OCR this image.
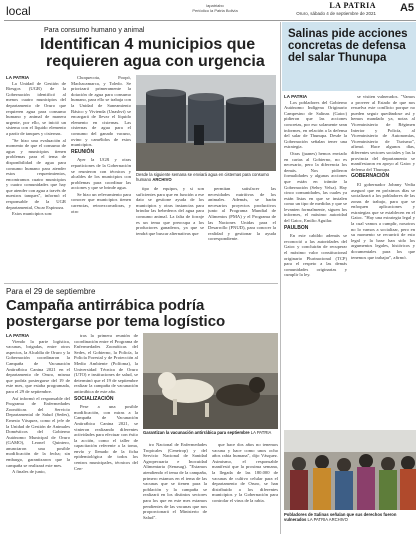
local	lapatriabo
Periódico la Patria Bolivia
LA PATRIA
Oruro, sábado 4 de septiembre de 2021 A5
Para consumo humano y animal
Identifican 4 municipios que
requieren agua con urgencia
LA PATRIA

La Unidad de Gestión de Riesgos (UGR) de la Gobernación identificó al menos cuatro municipios del departamento de Oruro que requieren agua para consumo humano y animal de manera urgente, por ello, se inició un sistema con el líquido elemento a partir de tanques y cisternas.

"Se hizo una evaluación al momento de que el consumo de agua y municipios tienen problemas para el tema de disponibilidad de agua para consumo humano para atender estos requerimientos, encontramos cuatro municipios y cuatro comunidades que hay que atender con agua a través de nuestros tanques", informó el responsable de la UGR departamental, Oscar Espinoza.

Estos municipios son:

Choquecota, Poopó, Machacamarca, y Toledo. Se priorizará primeramente la dotación de agua para consumo humano, para ello se trabaja con la Unidad de Saneamiento Básico y Vivienda (Unasbvi) se encargará de llevar el líquido elemento en cisternas. Las cisternas de agua para el consumo del ganado vacuno, ovino y camélidos de estos municipios.

REUNIÓN

Ayer la UGR y otras reparticiones de la Gobernación se reunieron con técnicos y alcaldes de los municipios con problemas para coordinar las acciones y que se brinde agua.

Se hizo un relevamiento para conocer que municipios tienen carencias, retroexcavadoras, y otro

Desde la siguiente semana se enviará agua en cisternas para consumo humano ARCHIVO

tipo de equipos, y si son suficientes para que en función a ese dato se gestione ayuda de los municipios y otras instancias para brindar las bebederos del agua para consumo animal. La falta de forraje es un tema que preocupa a los productores ganaderos, ya que se tendrá que buscar alternativas que

permitan satisfacer las necesidades nutritivas de los animales. Además, se harán necesarios proyectos productivos junto al Programa Mundial de Alimentos (PMA) y el Programa de las Naciones Unidas para el Desarrollo (PNUD), para conocer la realidad y gestionar la ayuda correspondiente.

Salinas pide acciones
concretas de defensa
del salar Thunupa
LA PATRIA

Los pobladores del Gobierno Autónomo Indígena Originario Campesino de Salinas (Gaioc) pidieron que las acciones concretas, por eso solamente sean informes, en relación a la defensa del salar de Thunupa. Desde la Gobernación señalan tener una estrategia.

Otras (juanes) hemos enviado en cartas al Gobierno, no es necesario, pero la diferencia los demás. Nos pidieron formalidades y algunas acciones que están en trámite la Gobernación (Sehry Velsa). Hay cinco comunidades, las cuales ya están listas en que se instalen como un tipo de medidas y que se levanten formalmente, siguen los informes, el máximo autoridad del Gaioc, Emilio Aguilar.

PAULBON

En este cabildo además se reconoció a las autoridades del Gaioc y concluirán de recuperar el máximo valor constitucional originario Plurinacional (TCP) para el respeto a las demás comunidades originarias y cumplir la ley.

se visiten vulnerados. "Vamos a proveer al Estado de que nos resuelva este conflicto porque no pueden seguir quedándose así y hemos mandado ya, notas al Viceministerio de Régimen Interior y Policía, al Viceministerio de Autonomías, Viceministerio de Turismo", afirmó. Hace algunos días, diferentes sectores sociales y las la provincia del departamento se manifestaron en apoyo al Gaioc y defensa del Thunupa.

GOBERNACIÓN

El gobernador Johnny Vedia aseguró que en próximos días se socializará a los pobladores de las zonas de trabajo, para que se enfoquen aplicaciones y estrategias que se establecen en el Gaioc. "Hay una estrategia legal y la cual vamos a cumplir, nosotros no lo vamos a socializar, pero en su momento se recurrirá de esto legal y la base han sido los argumentos legales, históricos y documentales para los que tenemos que trabajar", afirmó.

Pobladores de Salinas señalan que sus derechos fueron vulnerados LA PATRIA ARCHIVO
Para el 29 de septiembre
Campaña antirrábica podría
postergarse por tema logístico
LA PATRIA

Viendo la parte logística, vacunas, brigadas, entre otros aspectos, la Alcaldía de Oruro y la Gobernación coordinaron la Campaña de Vacunación Antirrábica Canina 2021 en el departamento de Oruro, misma que podría postergarse del 19 de este mes, que estaba programada, para el 29 de septiembre.

Así informó el responsable del Programa de Enfermedades Zoonóticas del Servicio Departamental de Salud (Sedes), Ernesto Vásquez, como el jefe de la Unidad de Gestión de Animales Domésticos del Gobierno Autónomo Municipal de Oruro (GAMO), Leonel Quintero, anunciaron una posible modificación de la fecha; sin embargo, garantizaron que la campaña se realizará este mes.

A finales de junio,

tras la primera reunión de coordinación entre el Programa de Enfermedades Zoonóticas del Sedes, el Gobierno, la Policía, la Policía Forestal y de Protección al Medio Ambiente (Polfoma), la Universidad Técnica de Oruro (UTO) e instituciones de salud, se determinó que el 19 de septiembre realizar la campaña de vacunación antirrábica de este año.

SOCIALIZACIÓN

Pese a una posible modificación, con miras a la Campaña de Vacunación Antirrábica Canina 2021, se vinieron realizando diferentes actividades para efectuar con éxito la acción, como el taller de capacitación referente a la toma, envío y llenado de la ficha epidemiológica de todos los centros municipales, técnicos del Cen-

Garantizan la vacunación antirrábica para septiembre LA PATRIA

tro Nacional de Enfermedades Tropicales (Cenetrop) y del Servicio Nacional de Sanidad Agropecuaria e Inocuidad Alimentaria (Senasag). "Estamos atendiendo el tema de la campaña, primero estamos en el tema de las vacunas que se tienen para la población y la campaña se realizará en los distintos sectores para los que en este mes estamos pendientes de las vacunas que nos proporcionará el Ministerio de Salud".

que hace dos años no tenemos vacuna y hace como unos ocho años rabia humana", dijo Vásquez. Asimismo, el responsable manifestó que la proxima semana, la llegada de las 180.000 de vacunas de cultivo celular para el departamento de Oruro, se han distribuido a los diferentes municipios y la Gobernación para controlar el virus de la rabia.
